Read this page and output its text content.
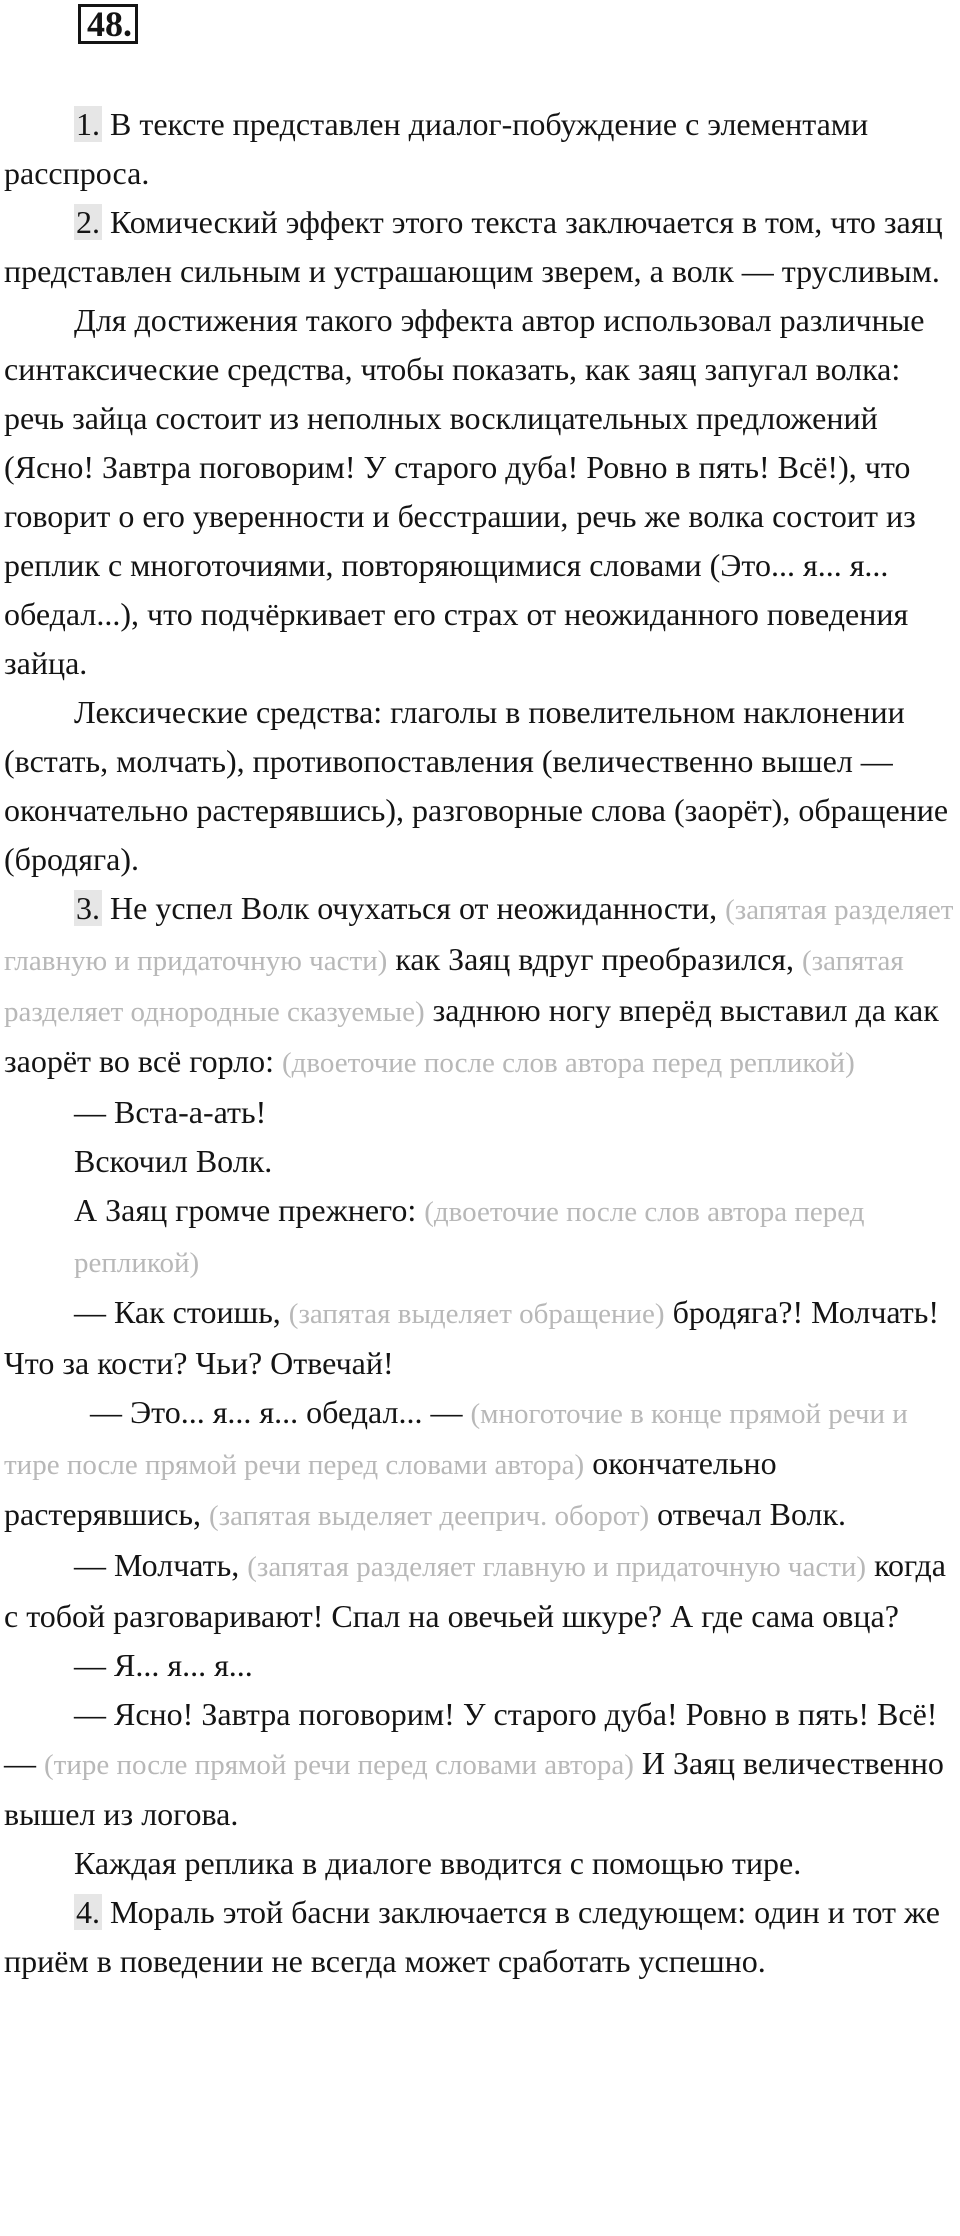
48.

1. В тексте представлен диалог-побуждение с элементами расспроса.

2. Комический эффект этого текста заключается в том, что заяц представлен сильным и устрашающим зверем, а волк — трусливым.

Для достижения такого эффекта автор использовал различные синтаксические средства, чтобы показать, как заяц запугал волка: речь зайца состоит из неполных восклицательных предложений (Ясно! Завтра поговорим! У старого дуба! Ровно в пять! Всё!), что говорит о его уверенности и бесстрашии, речь же волка состоит из реплик с многоточиями, повторяющимися словами (Это... я... я... обедал...), что подчёркивает его страх от неожиданного поведения зайца.

Лексические средства: глаголы в повелительном наклонении (встать, молчать), противопоставления (величественно вышел — окончательно растерявшись), разговорные слова (заорёт), обращение (бродяга).

3. Не успел Волк очухаться от неожиданности, (запятая разделяет главную и придаточную части) как Заяц вдруг преобразился, (запятая разделяет однородные сказуемые) заднюю ногу вперёд выставил да как заорёт во всё горло: (двоеточие после слов автора перед репликой)

— Вста-а-ать!

Вскочил Волк.

А Заяц громче прежнего: (двоеточие после слов автора перед репликой)

— Как стоишь, (запятая выделяет обращение) бродяга?! Молчать! Что за кости? Чьи? Отвечай!

— Это... я... я... обедал... — (многоточие в конце прямой речи и тире после прямой речи перед словами автора) окончательно растерявшись, (запятая выделяет дееприч. оборот) отвечал Волк.

— Молчать, (запятая разделяет главную и придаточную части) когда с тобой разговаривают! Спал на овечьей шкуре? А где сама овца?

— Я... я... я...

— Ясно! Завтра поговорим! У старого дуба! Ровно в пять! Всё! — (тире после прямой речи перед словами автора) И Заяц величественно вышел из логова.

Каждая реплика в диалоге вводится с помощью тире.

4. Мораль этой басни заключается в следующем: один и тот же приём в поведении не всегда может сработать успешно.
